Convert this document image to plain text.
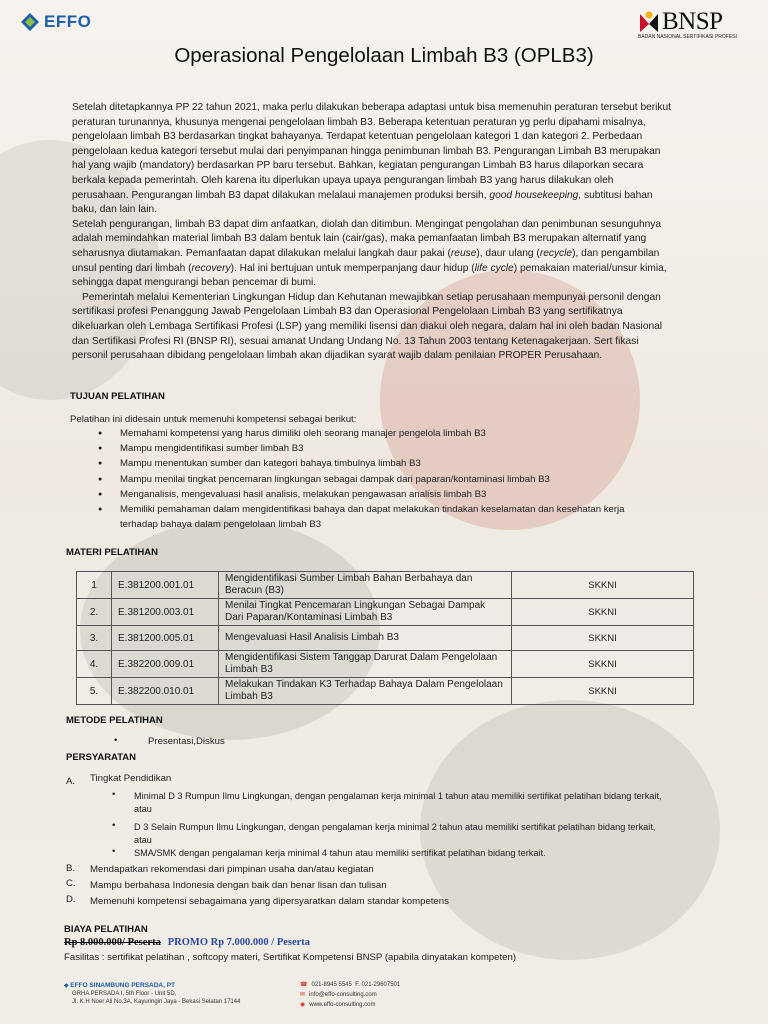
EFFO	BNSP
BADAN NASIONAL SERTIFIKASI PROFESI
Operasional Pengelolaan Limbah B3 (OPLB3)

Setelah ditetapkannya PP 22 tahun 2021, maka perlu dilakukan beberapa adaptasi untuk bisa memenuhin peraturan tersebut berikut peraturan turunannya, khusunya mengenai pengelolaan limbah B3. Beberapa ketentuan peraturan yg perlu dipahami misalnya, pengelolaan limbah B3 berdasarkan tingkat bahayanya. Terdapat ketentuan pengelolaan kategori 1 dan kategori 2. Perbedaan pengelolaan kedua kategori tersebut mulai dari penyimpanan hingga penimbunan limbah B3. Pengurangan Limbah B3 merupakan hal yang wajib (mandatory) berdasarkan PP baru tersebut. Bahkan, kegiatan pengurangan Limbah B3 harus dilaporkan secara berkala kepada pemerintah. Oleh karena itu diperlukan upaya upaya pengurangan limbah B3 yang harus dilakukan oleh perusahaan. Pengurangan limbah B3 dapat dilakukan melalaui manajemen produksi bersih, good housekeeping, subtitusi bahan baku, dan lain lain.

Setelah pengurangan, limbah B3 dapat dim anfaatkan, diolah dan ditimbun. Mengingat pengolahan dan penimbunan sesunguhnya adalah memindahkan material limbah B3 dalam bentuk lain (cair/gas), maka pemanfaatan limbah B3 merupakan alternatif yang seharusnya diutamakan. Pemanfaatan dapat dilakukan melalui langkah daur pakai (reuse), daur ulang (recycle), dan pengambilan unsul penting dari limbah (recovery). Hal ini bertujuan untuk memperpanjang daur hidup (life cycle) pemakaian material/unsur kimia, sehingga dapat mengurangi beban pencemar di bumi.

Pemerintah melalui Kementerian Lingkungan Hidup dan Kehutanan mewajibkan setiap perusahaan mempunyai personil dengan sertifikasi profesi Penanggung Jawab Pengelolaan Limbah B3 dan Operasional Pengelolaan Limbah B3 yang sertifikatnya dikeluarkan oleh Lembaga Sertifikasi Profesi (LSP) yang memiliki lisensi dan diakui oleh negara, dalam hal ini oleh badan Nasional dan Sertifikasi Profesi RI (BNSP RI), sesuai amanat Undang Undang No. 13 Tahun 2003 tentang Ketenagakerjaan. Sert fikasi personil perusahaan dibidang pengelolaan limbah akan dijadikan syarat wajib dalam penilaian PROPER Perusahaan.

TUJUAN PELATIHAN
Pelatihan ini didesain untuk memenuhi kompetensi sebagai berikut:
● Memahami kompetensi yang harus dimiliki oleh seorang manajer pengelola limbah B3
● Mampu mengidentifikasi sumber limbah B3
● Mampu menentukan sumber dan kategori bahaya timbulnya limbah B3
● Mampu menilai tingkat pencemaran lingkungan sebagai dampak dari paparan/kontaminasi limbah B3
● Menganalisis, mengevaluasi hasil analisis, melakukan pengawasan analisis limbah B3
● Memiliki pemahaman dalam mengidentifikasi bahaya dan dapat melakukan tindakan keselamatan dan kesehatan kerja terhadap bahaya dalam pengelolaan limbah B3
MATERI PELATIHAN
1	E.381200.001.01	Mengidentifikasi Sumber Limbah Bahan Berbahaya dan Beracun (B3)	SKKNI
2.	E.381200.003.01	Menilai Tingkat Pencemaran Lingkungan Sebagai Dampak Dari Paparan/Kontaminasi Limbah B3	SKKNI
3.	E.381200.005.01	Mengevaluasi Hasil Analisis Limbah B3	SKKNI
4.	E.382200.009.01	Mengidentifikasi Sistem Tanggap Darurat Dalam Pengelolaan Limbah B3	SKKNI
5.	E.382200.010.01	Melakukan Tindakan K3 Terhadap Bahaya Dalam Pengelolaan Limbah B3	SKKNI
METODE PELATIHAN
•	Presentasi,Diskus
PERSYARATAN
A. Tingkat Pendidikan
• Minimal D 3 Rumpun Ilmu Lingkungan, dengan pengalaman kerja minimal 1 tahun atau memiliki sertifikat pelatihan bidang terkait, atau
• D 3 Selain Rumpun Ilmu Lingkungan, dengan pengalaman kerja minimal 2 tahun atau memiliki sertifikat pelatihan bidang terkait, atau
• SMA/SMK dengan pengalaman kerja minimal 4 tahun atau memiliki sertifikat pelatihan bidang terkait.
B. Mendapatkan rekomendasi dari pimpinan usaha dan/atau kegiatan
C. Mampu berbahasa Indonesia dengan baik dan benar lisan dan tulisan
D. Memenuhi kompetensi sebagaimana yang dipersyaratkan dalam standar kompetens
BIAYA PELATIHAN
Rp 8.000.000/ Peserta PROMO Rp 7.000.000 / Peserta
Fasilitas : sertifikat pelatihan , softcopy materi, Sertifikat Kompetensi BNSP (apabila dinyatakan kompeten)
◆ EFFO SINAMBUNG PERSADA, PT
GRHA PERSADA I, 5th Floor - Unit 5D,
Jl. K.H Noer Ali No.3A, Kayuringin Jaya - Bekasi Selatan 17144
☎ 021-8945 5545 F. 021-29607501
✉ info@effo-consulting.com
◉ www.effo-consulting.com
